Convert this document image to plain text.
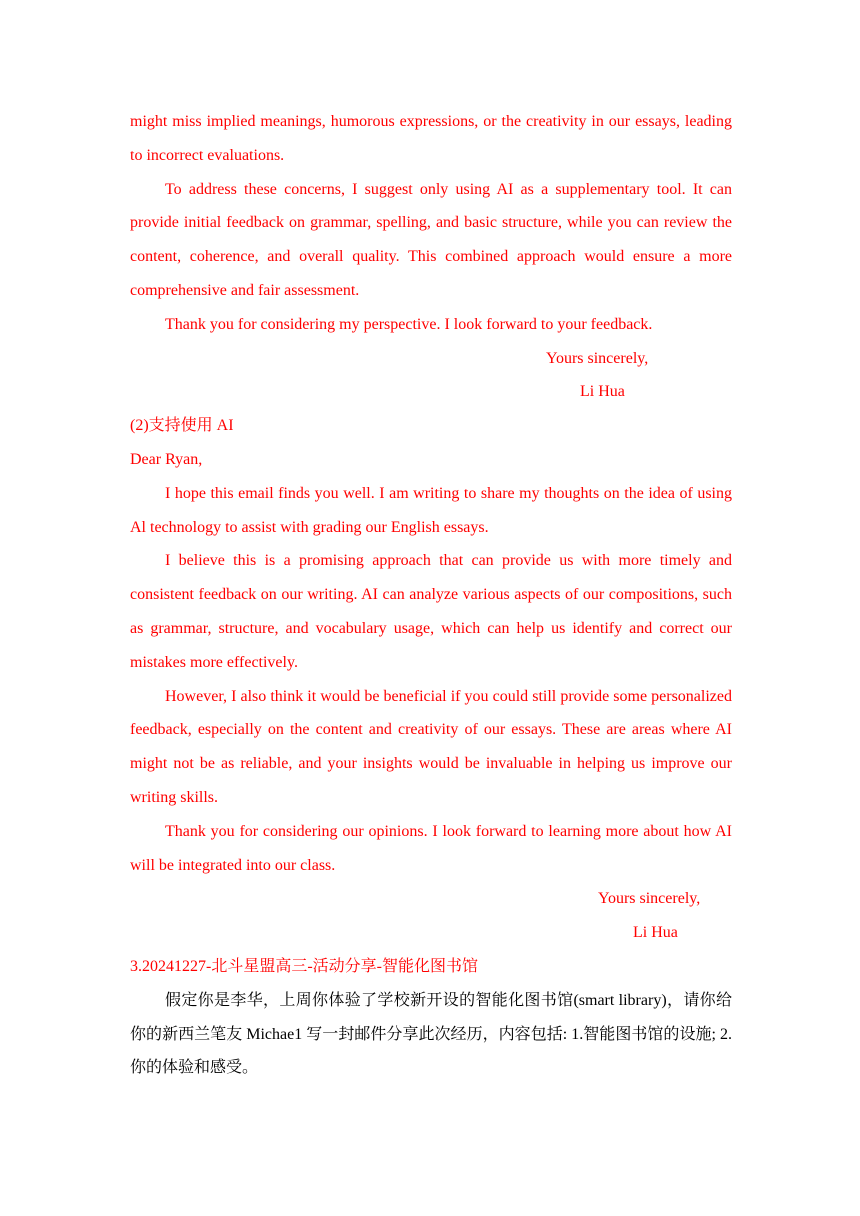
might miss implied meanings, humorous expressions, or the creativity in our essays, leading to incorrect evaluations.

To address these concerns, I suggest only using AI as a supplementary tool. It can provide initial feedback on grammar, spelling, and basic structure, while you can review the content, coherence, and overall quality. This combined approach would ensure a more comprehensive and fair assessment.

Thank you for considering my perspective. I look forward to your feedback.

Yours sincerely,
Li Hua
(2)支持使用 AI
Dear Ryan,

I hope this email finds you well. I am writing to share my thoughts on the idea of using Al technology to assist with grading our English essays.

I believe this is a promising approach that can provide us with more timely and consistent feedback on our writing. AI can analyze various aspects of our compositions, such as grammar, structure, and vocabulary usage, which can help us identify and correct our mistakes more effectively.

However, I also think it would be beneficial if you could still provide some personalized feedback, especially on the content and creativity of our essays. These are areas where AI might not be as reliable, and your insights would be invaluable in helping us improve our writing skills.

Thank you for considering our opinions. I look forward to learning more about how AI will be integrated into our class.

Yours sincerely,
Li Hua
3.20241227-北斗星盟高三-活动分享-智能化图书馆

假定你是李华，上周你体验了学校新开设的智能化图书馆(smart library)，请你给你的新西兰笔友 Michae1 写一封邮件分享此次经历，内容包括: 1.智能图书馆的设施; 2.你的体验和感受。
